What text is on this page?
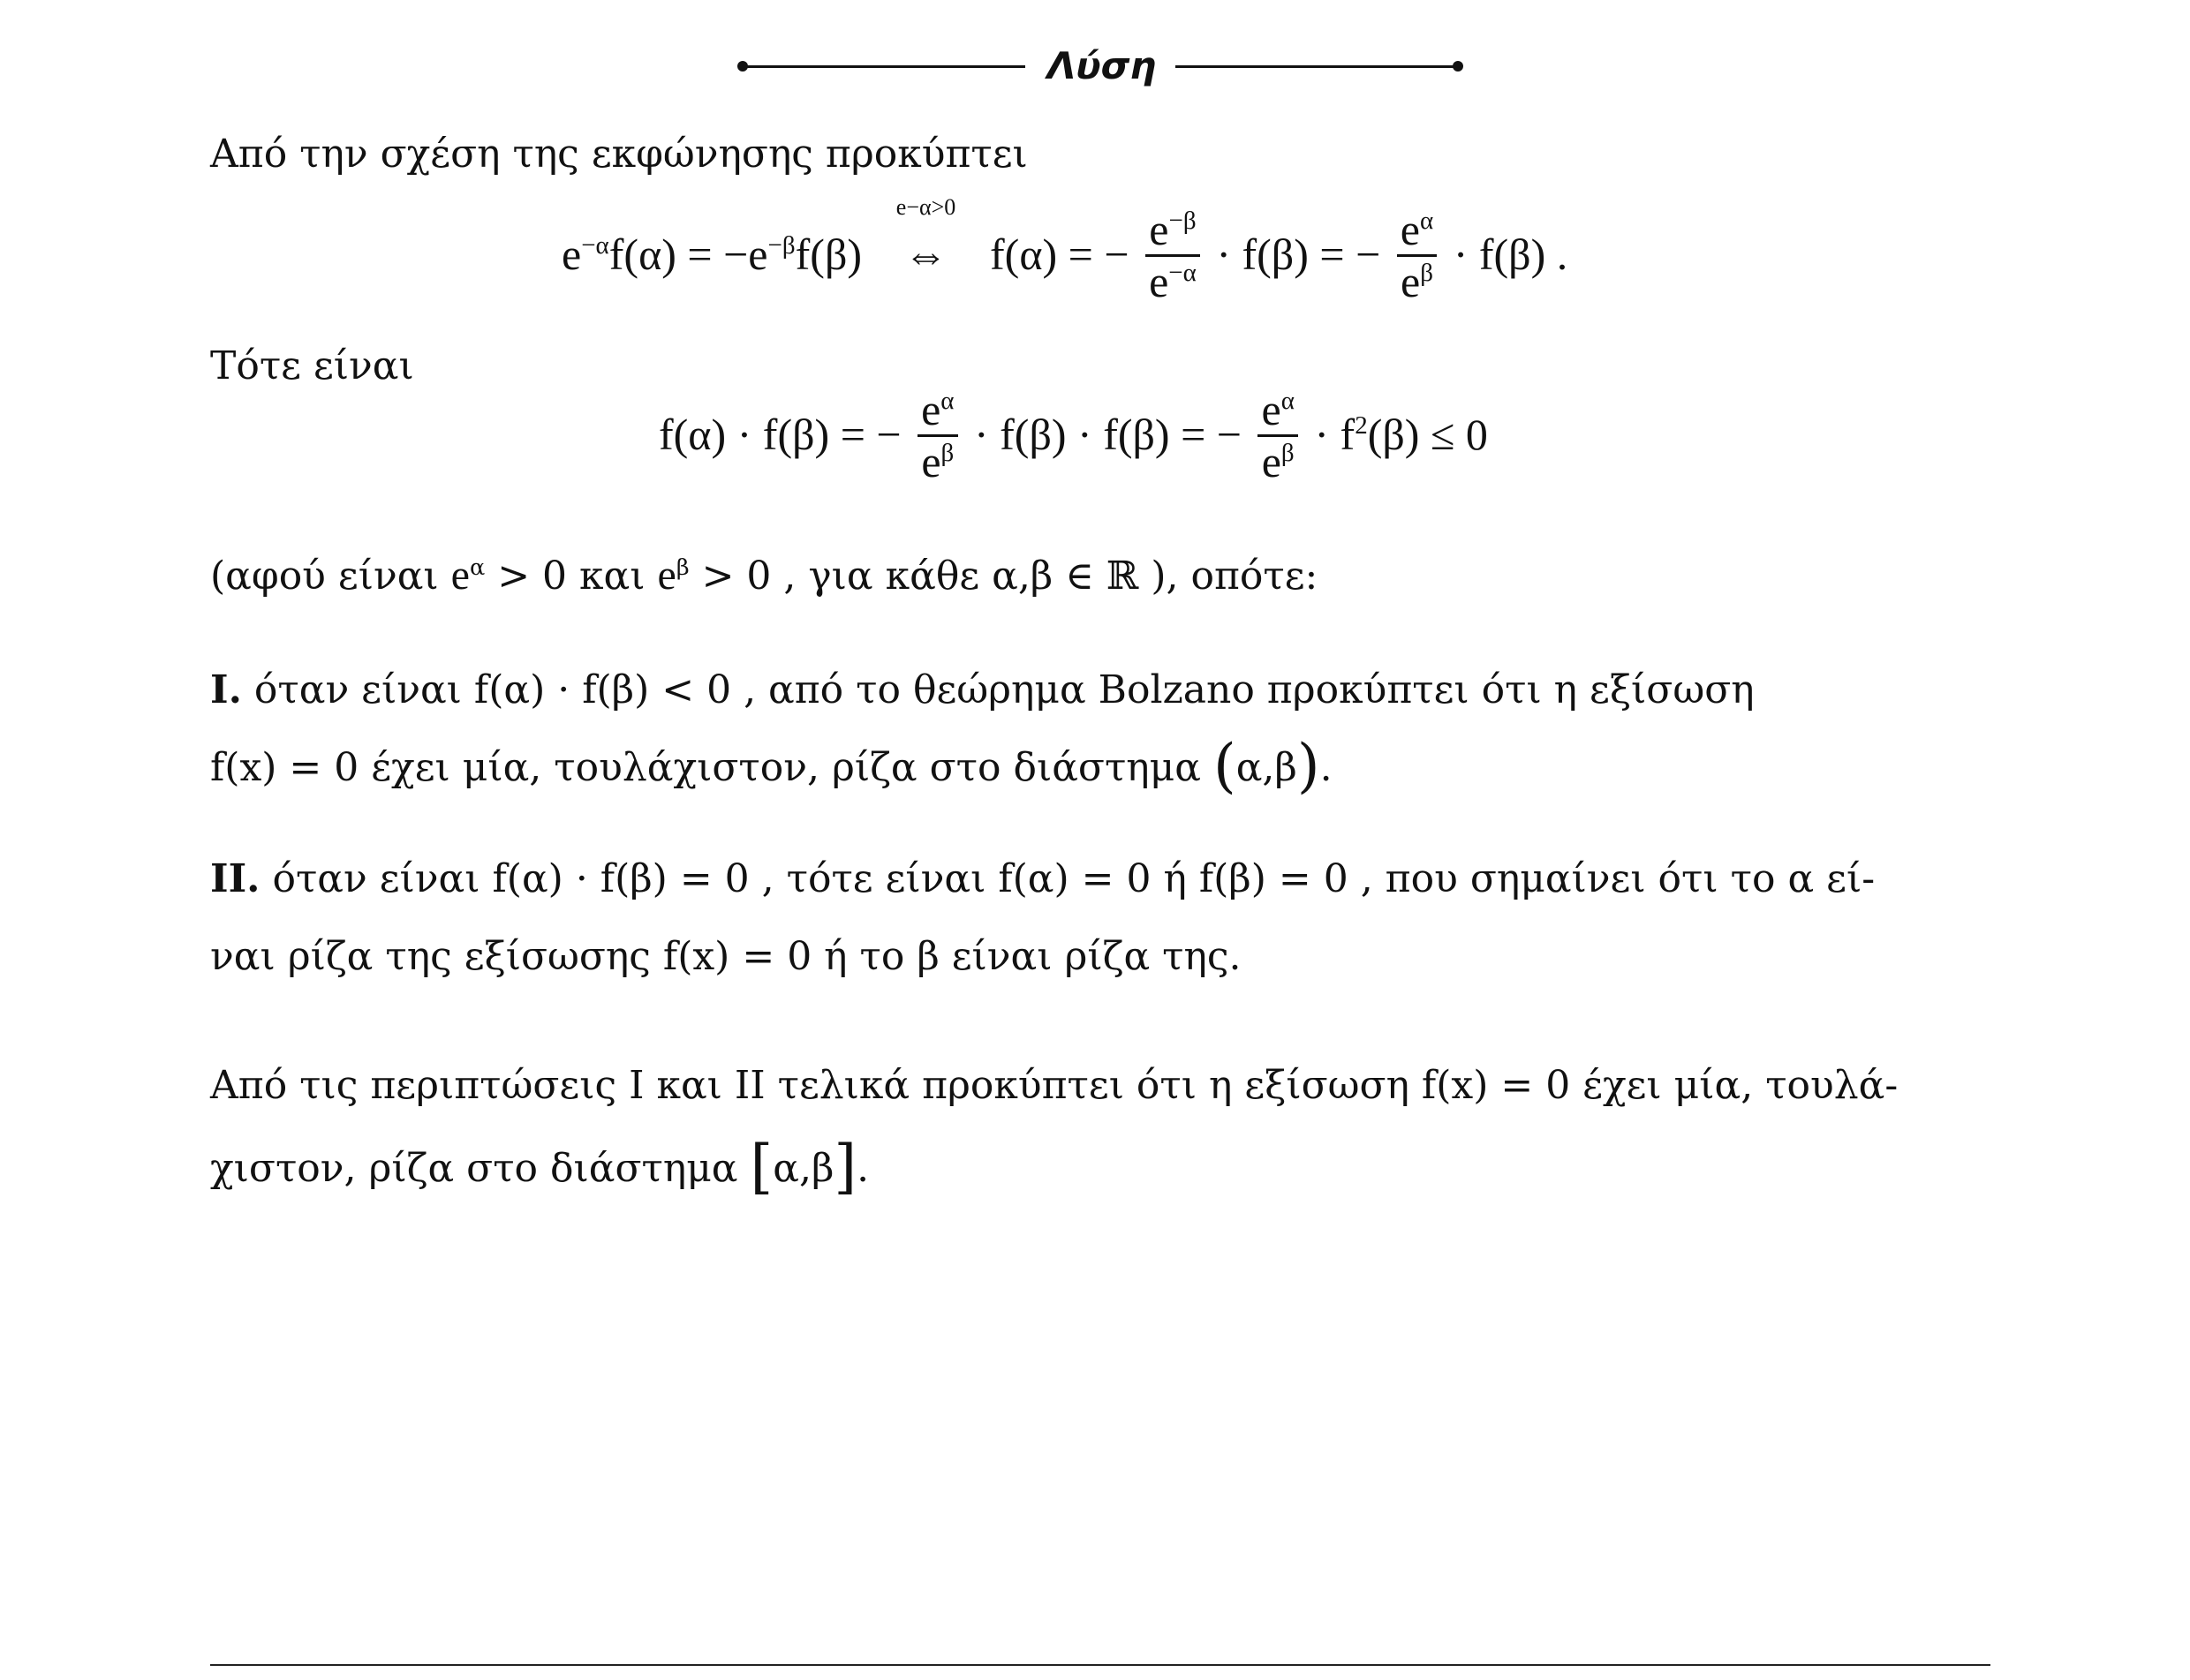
Λύση
Από την σχέση της εκφώνησης προκύπτει
$e^{-\alpha}f(\alpha) = -e^{-\beta}f(\beta)$
e−α>0
⇔ f(α) = − $\frac{e^{-\beta}}{e^{-\alpha}} \cdot f(\beta)$ = − $\frac{e^\alpha}{e^\beta} \cdot f(\beta)$ .
Τότε είναι
f(α) · f(β) = − $\frac{e^\alpha}{e^\beta} \cdot f(\beta) \cdot f(\beta)$ = − $\frac{e^\alpha}{e^\beta} \cdot f^2(\beta) \le 0$
(αφού είναι $e^\alpha > 0$ και $e^\beta > 0$ , για κάθε α,β ∈ ℝ ), οπότε:
I. όταν είναι f(α) · f(β) < 0 , από το θεώρημα Bolzano προκύπτει ότι η εξίσωση
f(x) = 0 έχει μία, τουλάχιστον, ρίζα στο διάστημα (α,β).
II. όταν είναι f(α) · f(β) = 0 , τότε είναι f(α) = 0 ή f(β) = 0 , που σημαίνει ότι το α εί-
ναι ρίζα της εξίσωσης f(x) = 0 ή το β είναι ρίζα της.
Από τις περιπτώσεις Ι και ΙΙ τελικά προκύπτει ότι η εξίσωση f(x) = 0 έχει μία, τουλά-
χιστον, ρίζα στο διάστημα [α,β].
